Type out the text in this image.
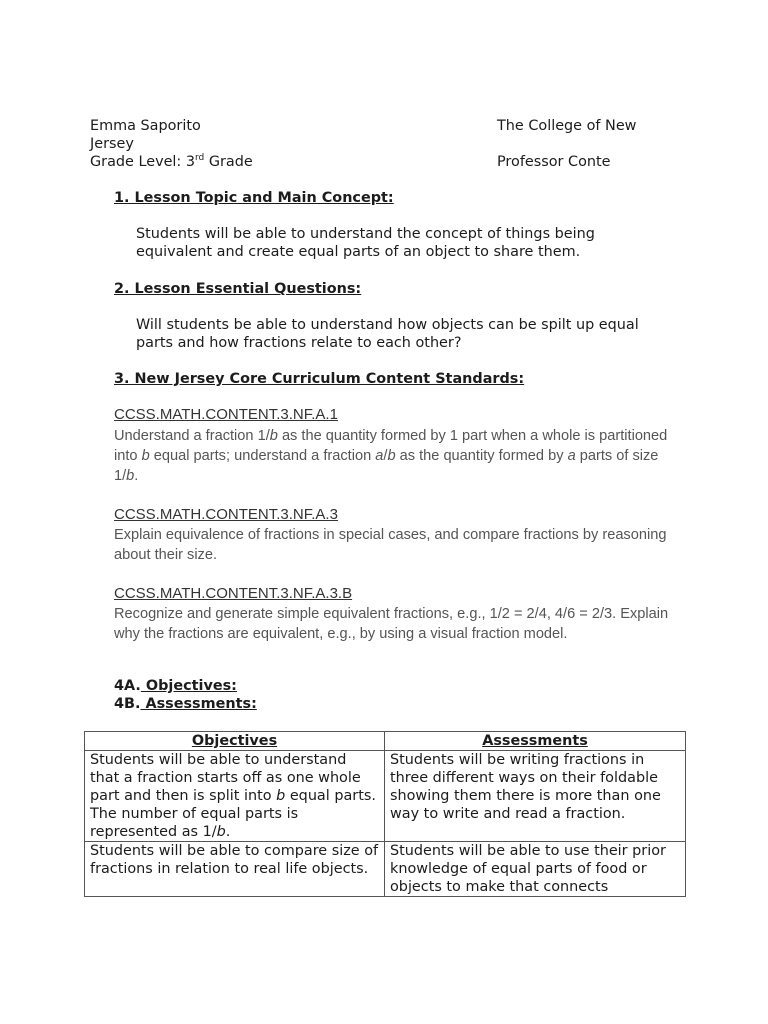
Emma Saporito	The College of New
Jersey
Grade Level: 3rd Grade	Professor Conte
1. Lesson Topic and Main Concept:
Students will be able to understand the concept of things being equivalent and create equal parts of an object to share them.
2. Lesson Essential Questions:
Will students be able to understand how objects can be spilt up equal parts and how fractions relate to each other?
3. New Jersey Core Curriculum Content Standards:
CCSS.MATH.CONTENT.3.NF.A.1
Understand a fraction 1/b as the quantity formed by 1 part when a whole is partitioned into b equal parts; understand a fraction a/b as the quantity formed by a parts of size 1/b.
CCSS.MATH.CONTENT.3.NF.A.3
Explain equivalence of fractions in special cases, and compare fractions by reasoning about their size.
CCSS.MATH.CONTENT.3.NF.A.3.B
Recognize and generate simple equivalent fractions, e.g., 1/2 = 2/4, 4/6 = 2/3. Explain why the fractions are equivalent, e.g., by using a visual fraction model.
4A. Objectives:
4B. Assessments:
Objectives	Assessments
Students will be able to understand that a fraction starts off as one whole part and then is split into b equal parts. The number of equal parts is represented as 1/b.	Students will be writing fractions in three different ways on their foldable showing them there is more than one way to write and read a fraction.
Students will be able to compare size of fractions in relation to real life objects.	Students will be able to use their prior knowledge of equal parts of food or objects to make that connects
